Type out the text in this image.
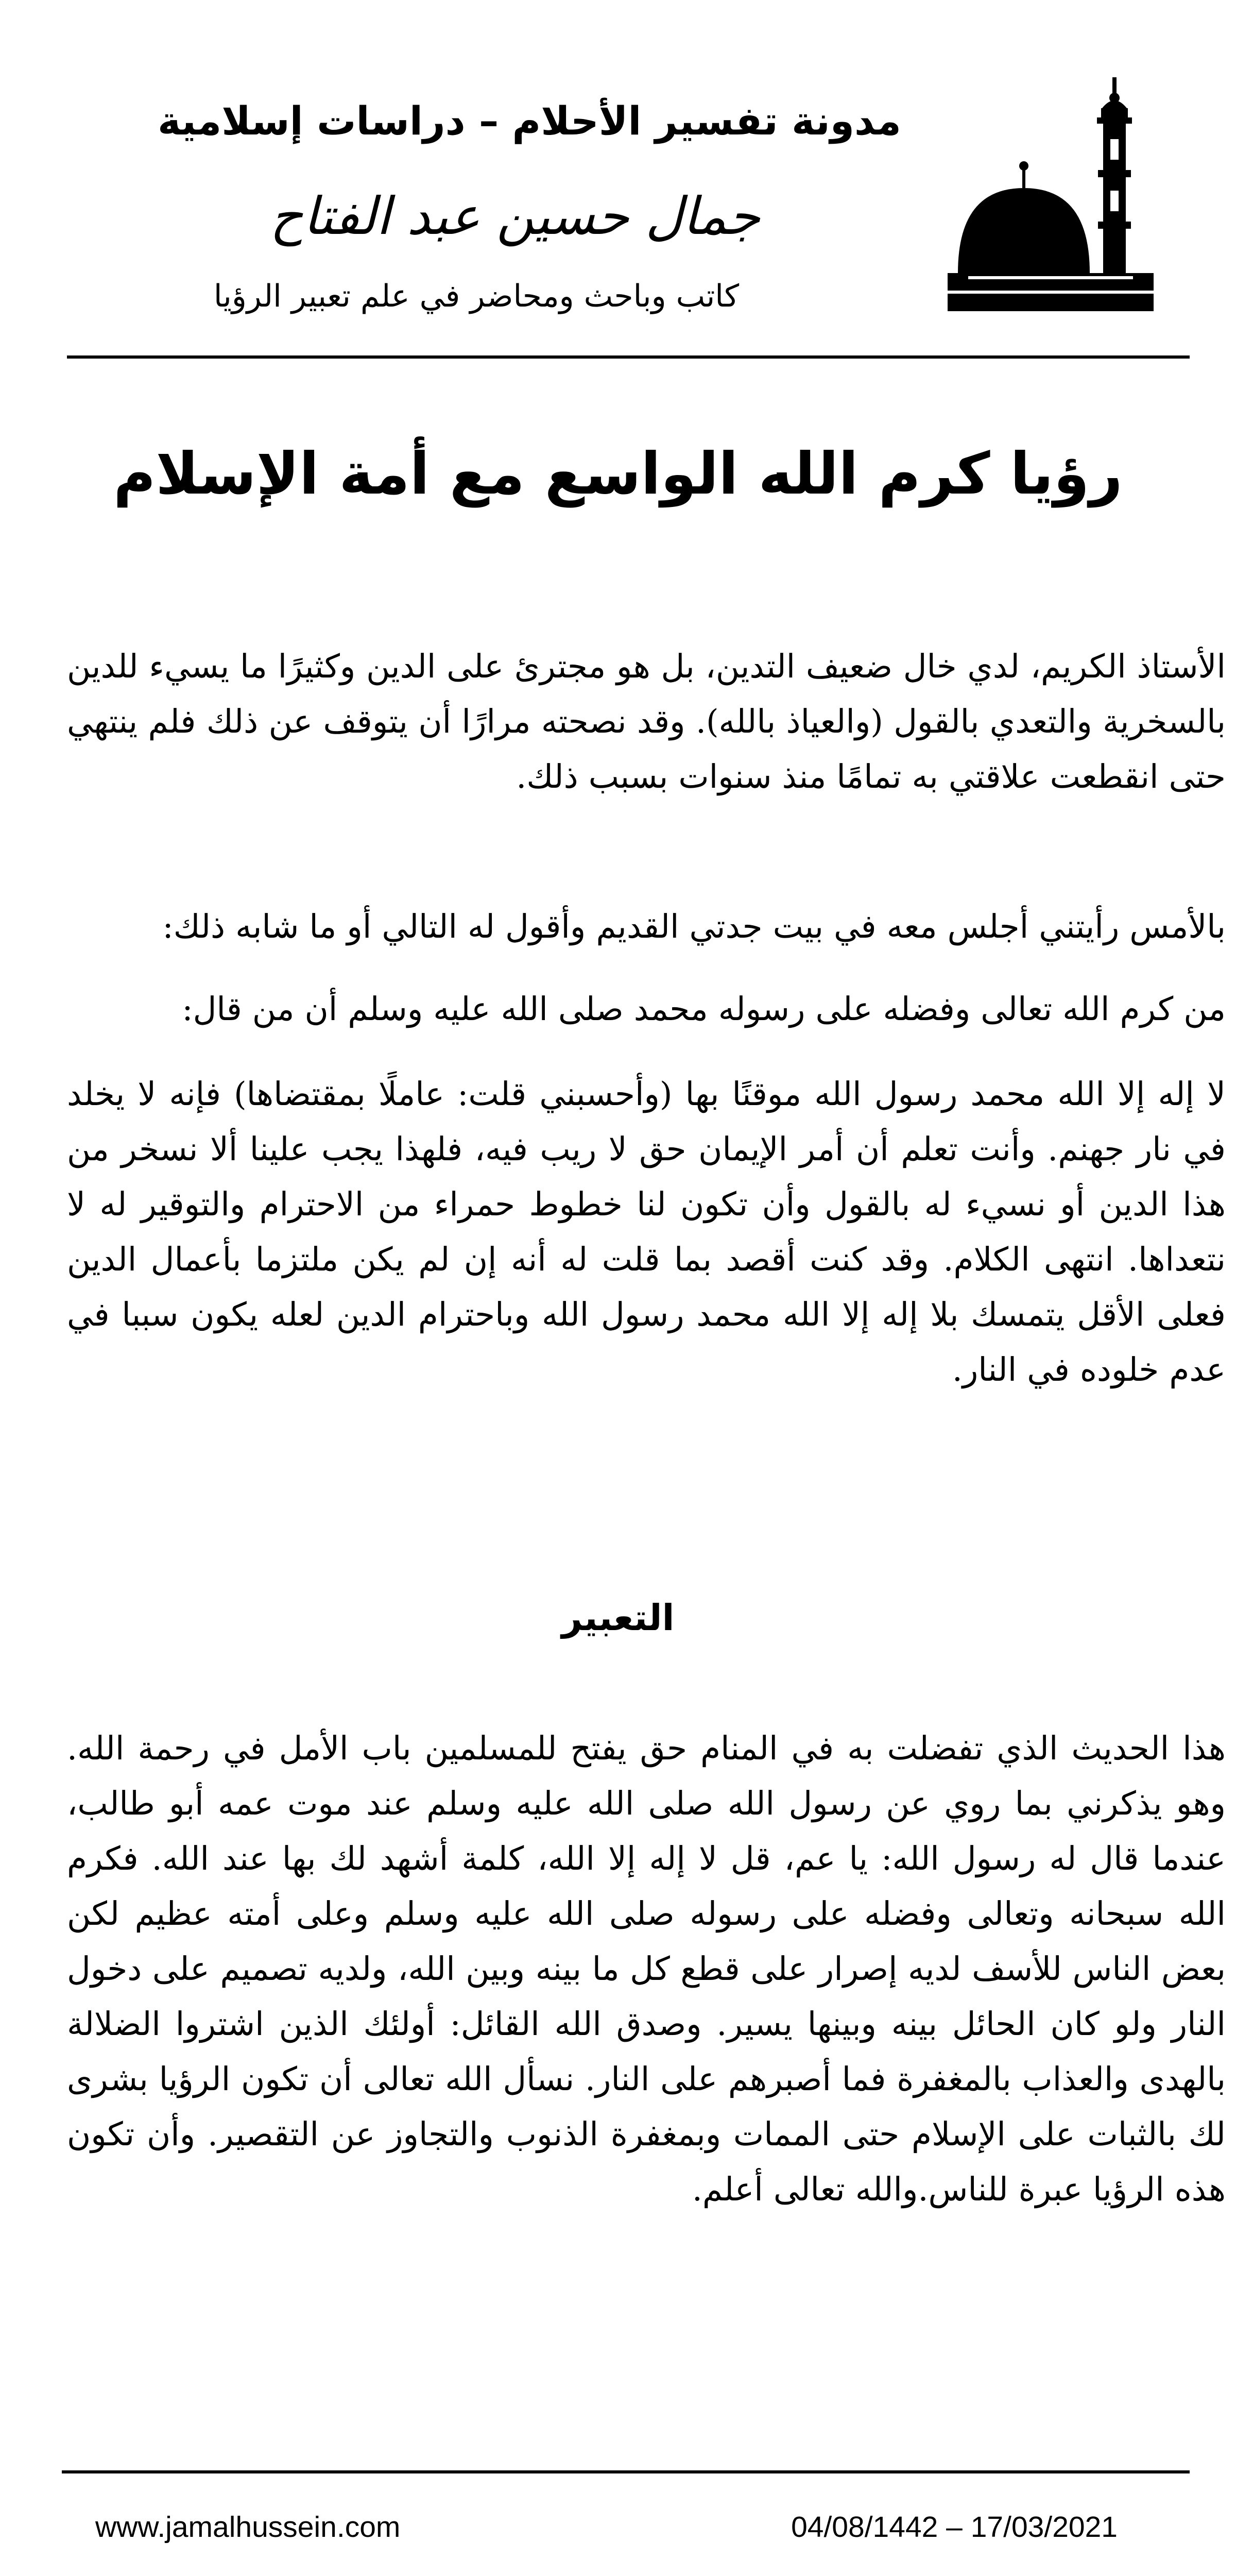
مدونة تفسير الأحلام – دراسات إسلامية
جمال حسين عبد الفتاح
كاتب وباحث ومحاضر في علم تعبير الرؤيا
رؤيا كرم الله الواسع مع أمة الإسلام

الأستاذ الكريم، لدي خال ضعيف التدين، بل هو مجترئ على الدين وكثيرًا ما يسيء للدين بالسخرية والتعدي بالقول (والعياذ بالله). وقد نصحته مرارًا أن يتوقف عن ذلك فلم ينتهي حتى انقطعت علاقتي به تمامًا منذ سنوات بسبب ذلك.

بالأمس رأيتني أجلس معه في بيت جدتي القديم وأقول له التالي أو ما شابه ذلك:

من كرم الله تعالى وفضله على رسوله محمد صلى الله عليه وسلم أن من قال:

لا إله إلا الله محمد رسول الله موقنًا بها (وأحسبني قلت: عاملًا بمقتضاها) فإنه لا يخلد في نار جهنم. وأنت تعلم أن أمر الإيمان حق لا ريب فيه، فلهذا يجب علينا ألا نسخر من هذا الدين أو نسيء له بالقول وأن تكون لنا خطوط حمراء من الاحترام والتوقير له لا نتعداها. انتهى الكلام. وقد كنت أقصد بما قلت له أنه إن لم يكن ملتزما بأعمال الدين فعلى الأقل يتمسك بلا إله إلا الله محمد رسول الله وباحترام الدين لعله يكون سببا في عدم خلوده في النار.

التعبير

هذا الحديث الذي تفضلت به في المنام حق يفتح للمسلمين باب الأمل في رحمة الله. وهو يذكرني بما روي عن رسول الله صلى الله عليه وسلم عند موت عمه أبو طالب، عندما قال له رسول الله: يا عم، قل لا إله إلا الله، كلمة أشهد لك بها عند الله. فكرم الله سبحانه وتعالى وفضله على رسوله صلى الله عليه وسلم وعلى أمته عظيم لكن بعض الناس للأسف لديه إصرار على قطع كل ما بينه وبين الله، ولديه تصميم على دخول النار ولو كان الحائل بينه وبينها يسير. وصدق الله القائل: أولئك الذين اشتروا الضلالة بالهدى والعذاب بالمغفرة فما أصبرهم على النار. نسأل الله تعالى أن تكون الرؤيا بشرى لك بالثبات على الإسلام حتى الممات وبمغفرة الذنوب والتجاوز عن التقصير. وأن تكون هذه الرؤيا عبرة للناس.والله تعالى أعلم.

www.jamalhussein.com	04/08/1442 – 17/03/2021
